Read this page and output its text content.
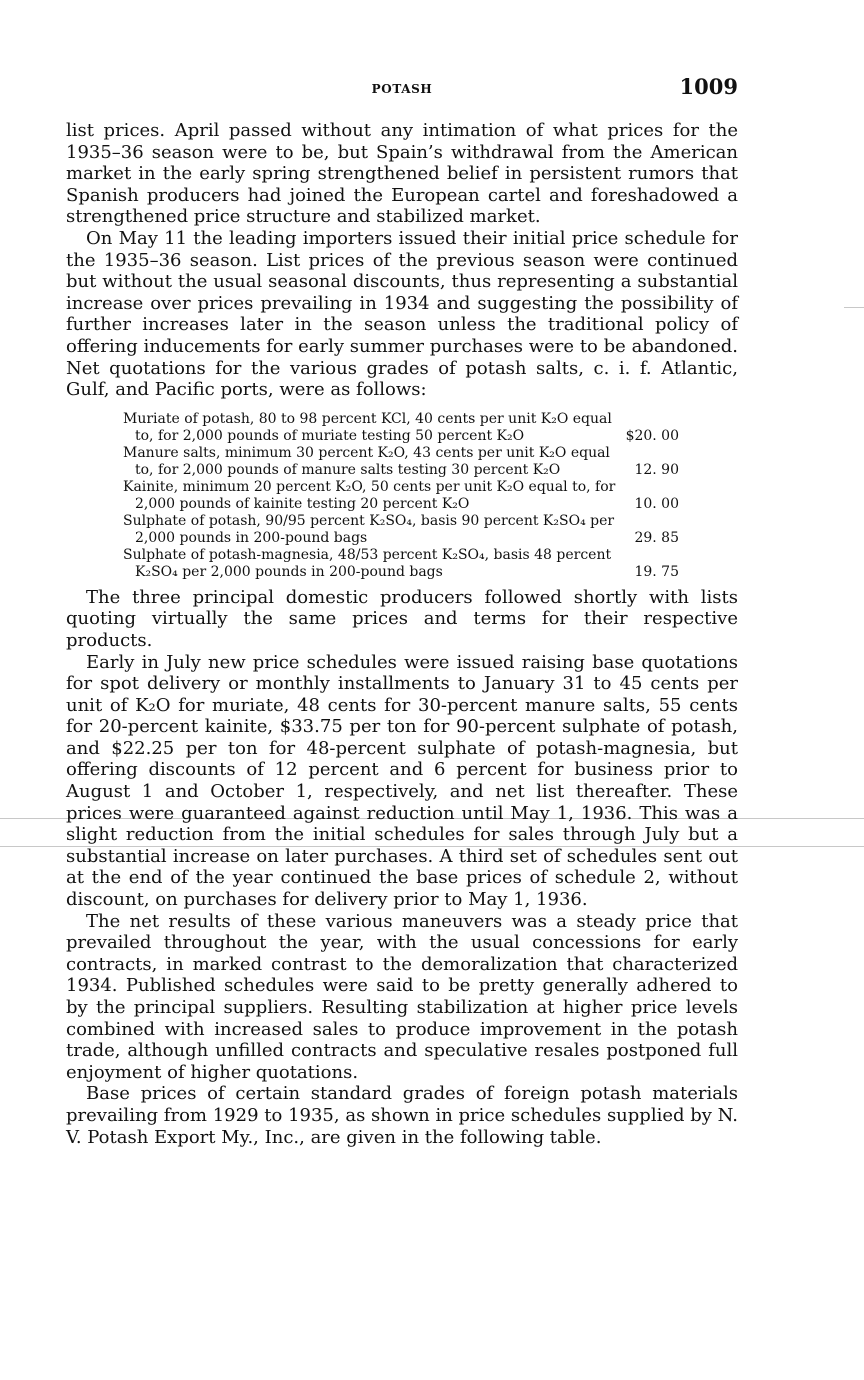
POTASH	1009

list prices. April passed without any intimation of what prices for the 1935–36 season were to be, but Spain’s withdrawal from the American market in the early spring strengthened belief in persistent rumors that Spanish producers had joined the European cartel and foreshadowed a strengthened price structure and stabilized market.

On May 11 the leading importers issued their initial price schedule for the 1935–36 season. List prices of the previous season were continued but without the usual seasonal discounts, thus representing a substantial increase over prices prevailing in 1934 and suggesting the possibility of further increases later in the season unless the traditional policy of offering inducements for early summer purchases were to be abandoned. Net quotations for the various grades of potash salts, c. i. f. Atlantic, Gulf, and Pacific ports, were as follows:

Muriate of potash, 80 to 98 percent KCl, 40 cents per unit K₂O equal to, for 2,000 pounds of muriate testing 50 percent K₂O	$20. 00
Manure salts, minimum 30 percent K₂O, 43 cents per unit K₂O equal to, for 2,000 pounds of manure salts testing 30 percent K₂O	12. 90
Kainite, minimum 20 percent K₂O, 50 cents per unit K₂O equal to, for 2,000 pounds of kainite testing 20 percent K₂O	10. 00
Sulphate of potash, 90/95 percent K₂SO₄, basis 90 percent K₂SO₄ per 2,000 pounds in 200-pound bags	29. 85
Sulphate of potash-magnesia, 48/53 percent K₂SO₄, basis 48 percent K₂SO₄ per 2,000 pounds in 200-pound bags	19. 75

The three principal domestic producers followed shortly with lists quoting virtually the same prices and terms for their respective products.

Early in July new price schedules were issued raising base quotations for spot delivery or monthly installments to January 31 to 45 cents per unit of K₂O for muriate, 48 cents for 30-percent manure salts, 55 cents for 20-percent kainite, $33.75 per ton for 90-percent sulphate of potash, and $22.25 per ton for 48-percent sulphate of potash-magnesia, but offering discounts of 12 percent and 6 percent for business prior to August 1 and October 1, respectively, and net list thereafter. These prices were guaranteed against reduction until May 1, 1936. This was a slight reduction from the initial schedules for sales through July but a substantial increase on later purchases. A third set of schedules sent out at the end of the year continued the base prices of schedule 2, without discount, on purchases for delivery prior to May 1, 1936.

The net results of these various maneuvers was a steady price that prevailed throughout the year, with the usual concessions for early contracts, in marked contrast to the demoralization that characterized 1934. Published schedules were said to be pretty generally adhered to by the principal suppliers. Resulting stabilization at higher price levels combined with increased sales to produce improvement in the potash trade, although unfilled contracts and speculative resales postponed full enjoyment of higher quotations.

Base prices of certain standard grades of foreign potash materials prevailing from 1929 to 1935, as shown in price schedules supplied by N. V. Potash Export My., Inc., are given in the following table.
